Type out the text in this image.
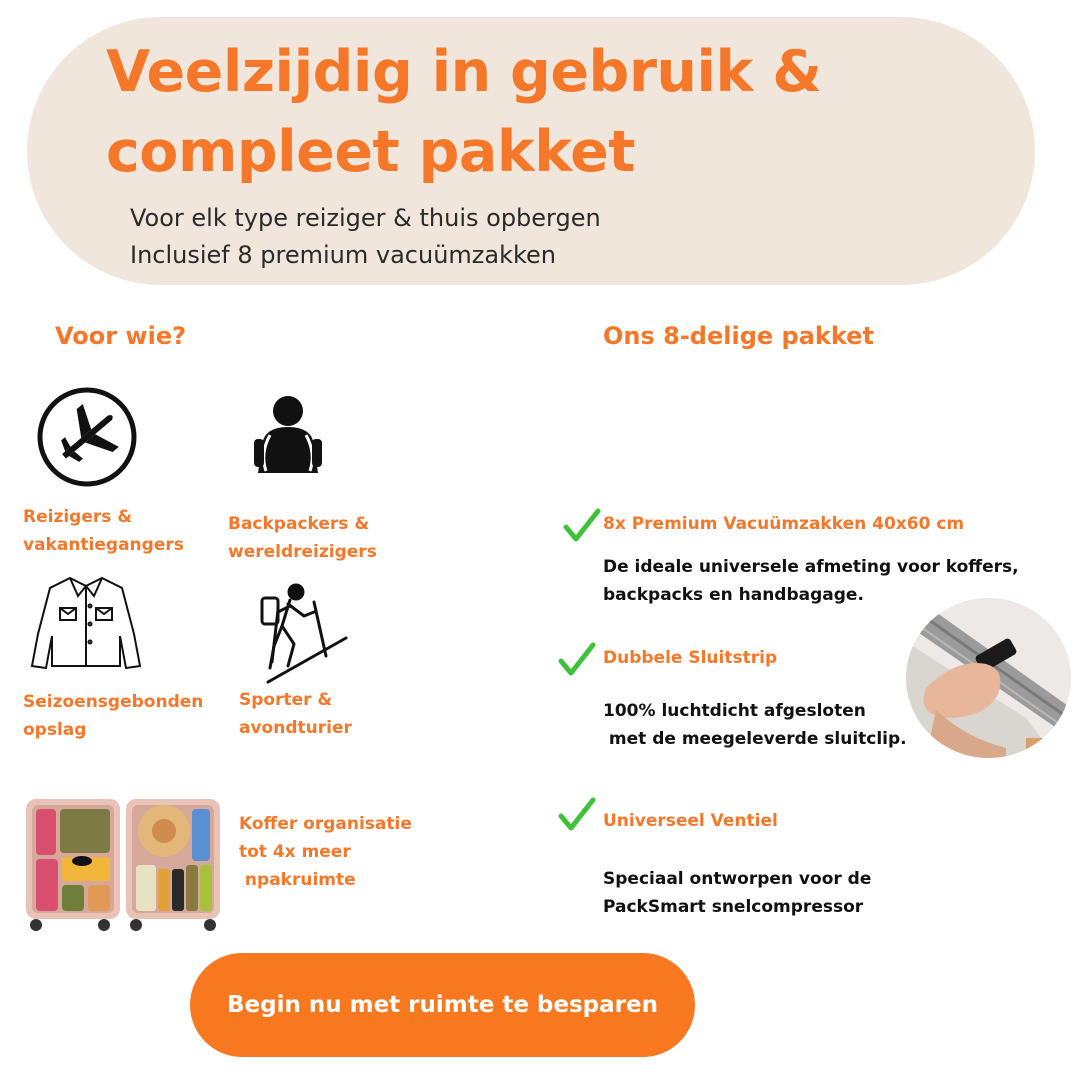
Veelzijdig in gebruik &
compleet pakket
Voor elk type reiziger & thuis opbergen
Inclusief 8 premium vacuümzakken
Voor wie?
Reizigers &
vakantiegangers
Backpackers &
wereldreizigers
Seizoensgebonden
opslag
Sporter &
avondturier
Koffer organisatie
tot 4x meer
npakruimte
Ons 8-delige pakket
8x Premium Vacuümzakken 40x60 cm
De ideale universele afmeting voor koffers,
backpacks en handbagage.
Dubbele Sluitstrip
100% luchtdicht afgesloten
met de meegeleverde sluitclip.
Universeel Ventiel
Speciaal ontworpen voor de
PackSmart snelcompressor
Begin nu met ruimte te besparen
